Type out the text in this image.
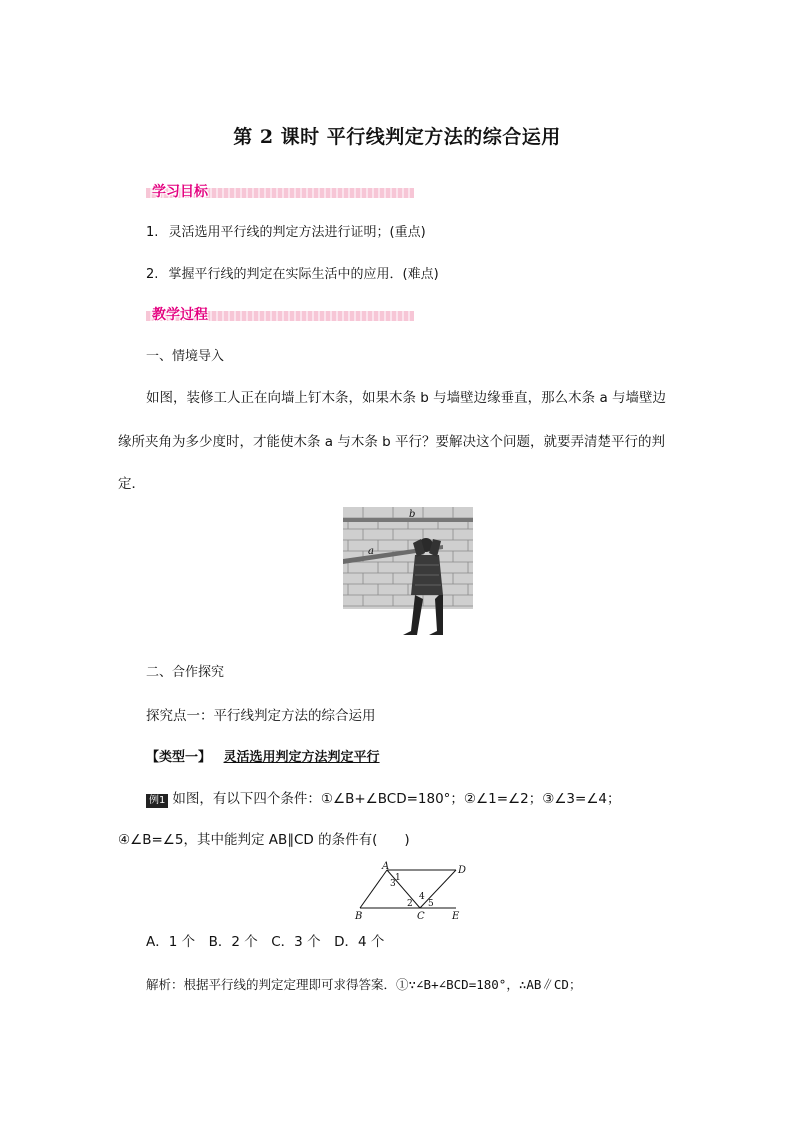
第 2 课时 平行线判定方法的综合运用
学习目标
1. 灵活选用平行线的判定方法进行证明；(重点)
2. 掌握平行线的判定在实际生活中的应用．(难点)
教学过程
一、情境导入
如图，装修工人正在向墙上钉木条，如果木条 b 与墙壁边缘垂直，那么木条 a 与墙壁边
缘所夹角为多少度时，才能使木条 a 与木条 b 平行？要解决这个问题，就要弄清楚平行的判
定．
b
a
二、合作探究
探究点一：平行线判定方法的综合运用
【类型一】 灵活选用判定方法判定平行
例1 如图，有以下四个条件：①∠B+∠BCD=180°；②∠1=∠2；③∠3=∠4；
④∠B=∠5，其中能判定 AB∥CD 的条件有(　　)
A
B	C
D
E
1
3
2
4
5
A．1 个　B．2 个　C．3 个　D．4 个
解析：根据平行线的判定定理即可求得答案．①∵∠B+∠BCD=180°，∴AB∥CD；
